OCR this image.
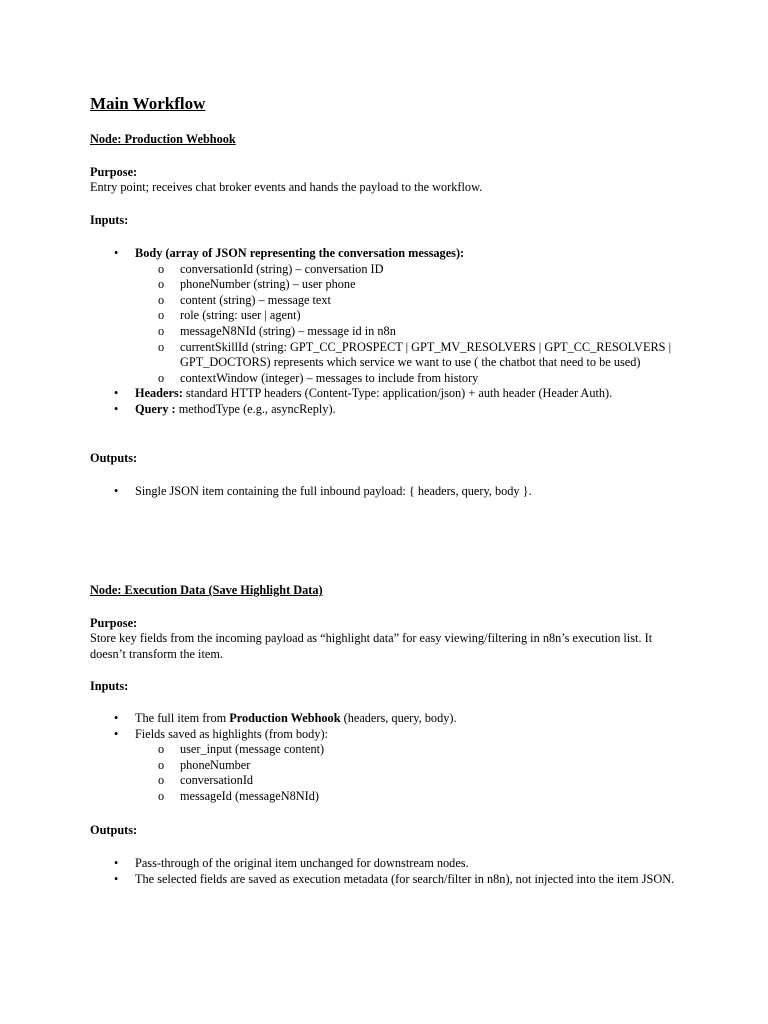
Main Workflow
Node: Production Webhook
Purpose:
Entry point; receives chat broker events and hands the payload to the workflow.
Inputs:
• Body (array of JSON representing the conversation messages):
o conversationId (string) – conversation ID
o phoneNumber (string) – user phone
o content (string) – message text
o role (string: user | agent)
o messageN8NId (string) – message id in n8n
o currentSkillId (string: GPT_CC_PROSPECT | GPT_MV_RESOLVERS | GPT_CC_RESOLVERS | GPT_DOCTORS) represents which service we want to use ( the chatbot that need to be used)
o contextWindow (integer) – messages to include from history
• Headers: standard HTTP headers (Content-Type: application/json) + auth header (Header Auth).
• Query : methodType (e.g., asyncReply).
Outputs:
• Single JSON item containing the full inbound payload: { headers, query, body }.
Node: Execution Data (Save Highlight Data)
Purpose:
Store key fields from the incoming payload as “highlight data” for easy viewing/filtering in n8n’s execution list. It doesn’t transform the item.
Inputs:
• The full item from Production Webhook (headers, query, body).
• Fields saved as highlights (from body):
o user_input (message content)
o phoneNumber
o conversationId
o messageId (messageN8NId)
Outputs:
• Pass-through of the original item unchanged for downstream nodes.
• The selected fields are saved as execution metadata (for search/filter in n8n), not injected into the item JSON.
